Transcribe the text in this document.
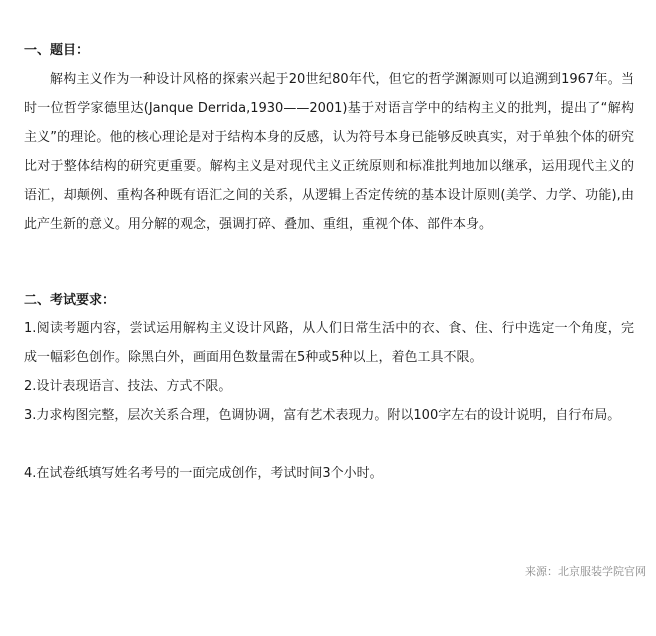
一、题目：

解构主义作为一种设计风格的探索兴起于20世纪80年代，但它的哲学渊源则可以追溯到1967年。当时一位哲学家德里达(Janque Derrida,1930——2001)基于对语言学中的结构主义的批判，提出了“解构主义”的理论。他的核心理论是对于结构本身的反感，认为符号本身已能够反映真实，对于单独个体的研究比对于整体结构的研究更重要。解构主义是对现代主义正统原则和标准批判地加以继承，运用现代主义的语汇，却颠例、重构各种既有语汇之间的关系，从逻辑上否定传统的基本设计原则(美学、力学、功能),由此产生新的意义。用分解的观念，强调打碎、叠加、重组，重视个体、部件本身。

二、考试要求：

1.阅读考题内容，尝试运用解构主义设计风路，从人们日常生活中的衣、食、住、行中选定一个角度，完成一幅彩色创作。除黑白外，画面用色数量需在5种或5种以上，着色工具不限。

2.设计表现语言、技法、方式不限。

3.力求构图完整，层次关系合理，色调协调，富有艺术表现力。附以100字左右的设计说明，自行布局。

4.在试卷纸填写姓名考号的一面完成创作，考试时间3个小时。

来源：北京服装学院官网
